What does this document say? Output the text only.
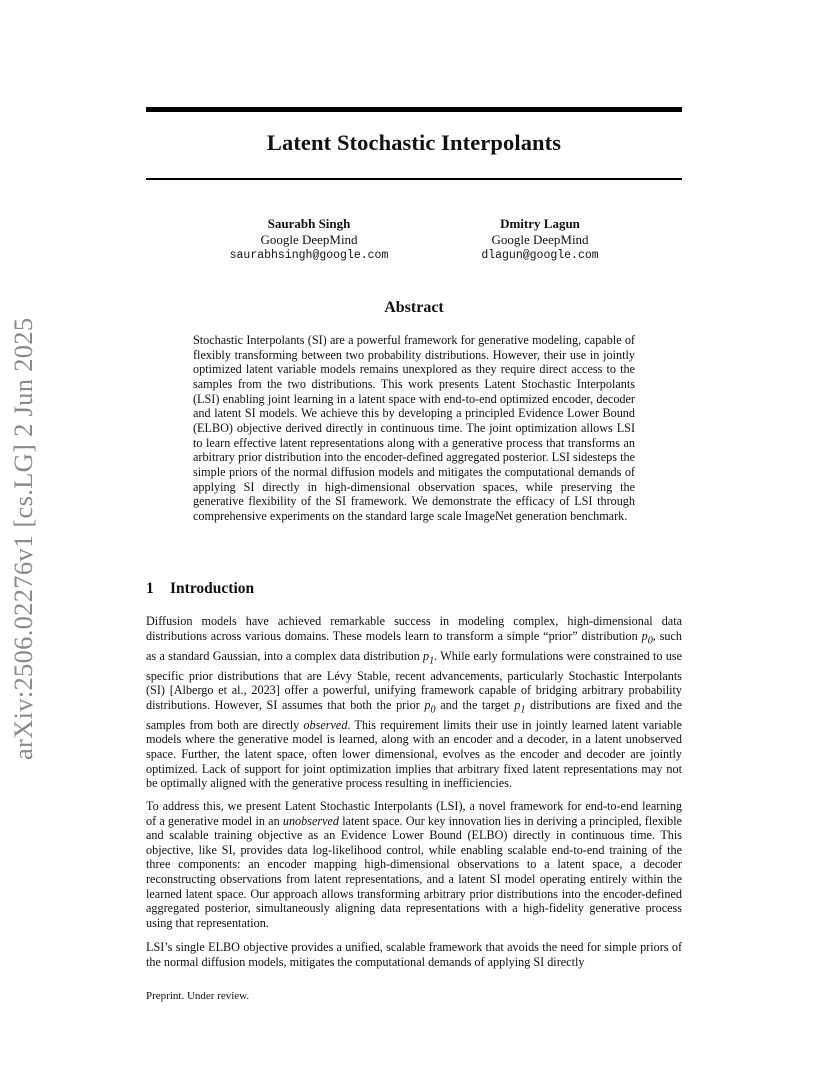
Latent Stochastic Interpolants
Saurabh Singh
Google DeepMind
saurabhsingh@google.com
Dmitry Lagun
Google DeepMind
dlagun@google.com
Abstract
Stochastic Interpolants (SI) are a powerful framework for generative modeling, capable of flexibly transforming between two probability distributions. However, their use in jointly optimized latent variable models remains unexplored as they require direct access to the samples from the two distributions. This work presents Latent Stochastic Interpolants (LSI) enabling joint learning in a latent space with end-to-end optimized encoder, decoder and latent SI models. We achieve this by developing a principled Evidence Lower Bound (ELBO) objective derived directly in continuous time. The joint optimization allows LSI to learn effective latent representations along with a generative process that transforms an arbitrary prior distribution into the encoder-defined aggregated posterior. LSI sidesteps the simple priors of the normal diffusion models and mitigates the computational demands of applying SI directly in high-dimensional observation spaces, while preserving the generative flexibility of the SI framework. We demonstrate the efficacy of LSI through comprehensive experiments on the standard large scale ImageNet generation benchmark.
1 Introduction

Diffusion models have achieved remarkable success in modeling complex, high-dimensional data distributions across various domains. These models learn to transform a simple “prior” distribution $p_0$, such as a standard Gaussian, into a complex data distribution $p_1$. While early formulations were constrained to use specific prior distributions that are Lévy Stable, recent advancements, particularly Stochastic Interpolants (SI) [Albergo et al., 2023] offer a powerful, unifying framework capable of bridging arbitrary probability distributions. However, SI assumes that both the prior $p_0$ and the target $p_1$ distributions are fixed and the samples from both are directly observed. This requirement limits their use in jointly learned latent variable models where the generative model is learned, along with an encoder and a decoder, in a latent unobserved space. Further, the latent space, often lower dimensional, evolves as the encoder and decoder are jointly optimized. Lack of support for joint optimization implies that arbitrary fixed latent representations may not be optimally aligned with the generative process resulting in inefficiencies.

To address this, we present Latent Stochastic Interpolants (LSI), a novel framework for end-to-end learning of a generative model in an unobserved latent space. Our key innovation lies in deriving a principled, flexible and scalable training objective as an Evidence Lower Bound (ELBO) directly in continuous time. This objective, like SI, provides data log-likelihood control, while enabling scalable end-to-end training of the three components: an encoder mapping high-dimensional observations to a latent space, a decoder reconstructing observations from latent representations, and a latent SI model operating entirely within the learned latent space. Our approach allows transforming arbitrary prior distributions into the encoder-defined aggregated posterior, simultaneously aligning data representations with a high-fidelity generative process using that representation.

LSI’s single ELBO objective provides a unified, scalable framework that avoids the need for simple priors of the normal diffusion models, mitigates the computational demands of applying SI directly

Preprint. Under review.
arXiv:2506.02276v1 [cs.LG] 2 Jun 2025
